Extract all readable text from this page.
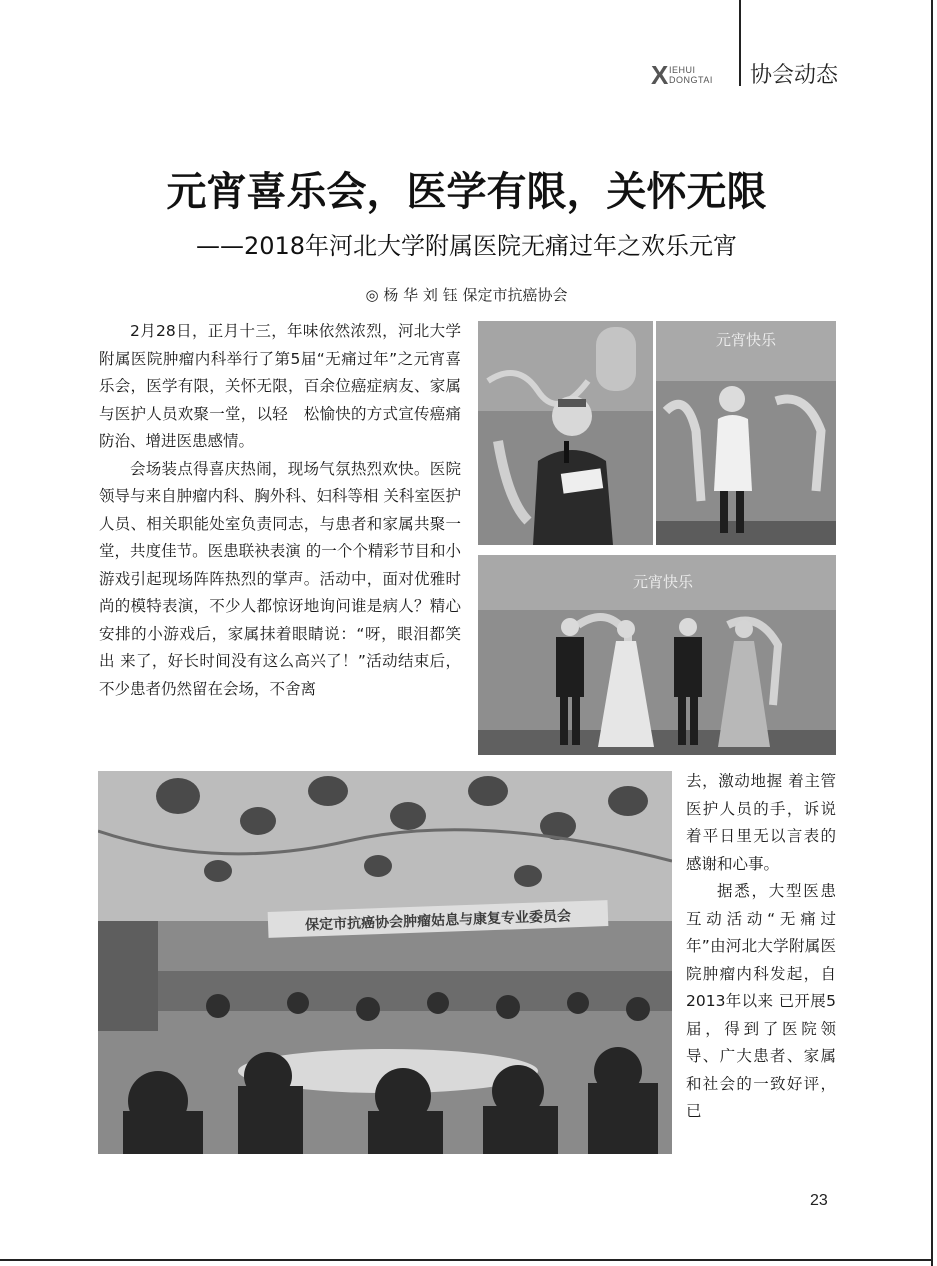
X IEHUI
DONGTAI 协会动态
元宵喜乐会，医学有限，关怀无限
——2018年河北大学附属医院无痛过年之欢乐元宵
◎ 杨 华 刘 钰 保定市抗癌协会

2月28日，正月十三，年味依然浓烈，河北大学附属医院肿瘤内科举行了第5届“无痛过年”之元宵喜乐会，医学有限，关怀无限，百余位癌症病友、家属与医护人员欢聚一堂，以轻　松愉快的方式宣传癌痛防治、增进医患感情。

会场装点得喜庆热闹，现场气氛热烈欢快。医院领导与来自肿瘤内科、胸外科、妇科等相 关科室医护人员、相关职能处室负责同志，与患者和家属共聚一堂，共度佳节。医患联袂表演 的一个个精彩节目和小游戏引起现场阵阵热烈的掌声。活动中，面对优雅时尚的模特表演，不少人都惊讶地询问谁是病人？精心安排的小游戏后，家属抹着眼睛说：“呀，眼泪都笑出 来了，好长时间没有这么高兴了！”活动结束后，不少患者仍然留在会场，不舍离

去，激动地握 着主管医护人员的手，诉说着平日里无以言表的感谢和心事。

据悉，大型医患互动活动“无痛过年”由河北大学附属医院肿瘤内科发起，自2013年以来 已开展5届，得到了医院领导、广大患者、家属和社会的一致好评，已

元宵快乐
元宵快乐
保定市抗癌协会肿瘤姑息与康复专业委员会
23
